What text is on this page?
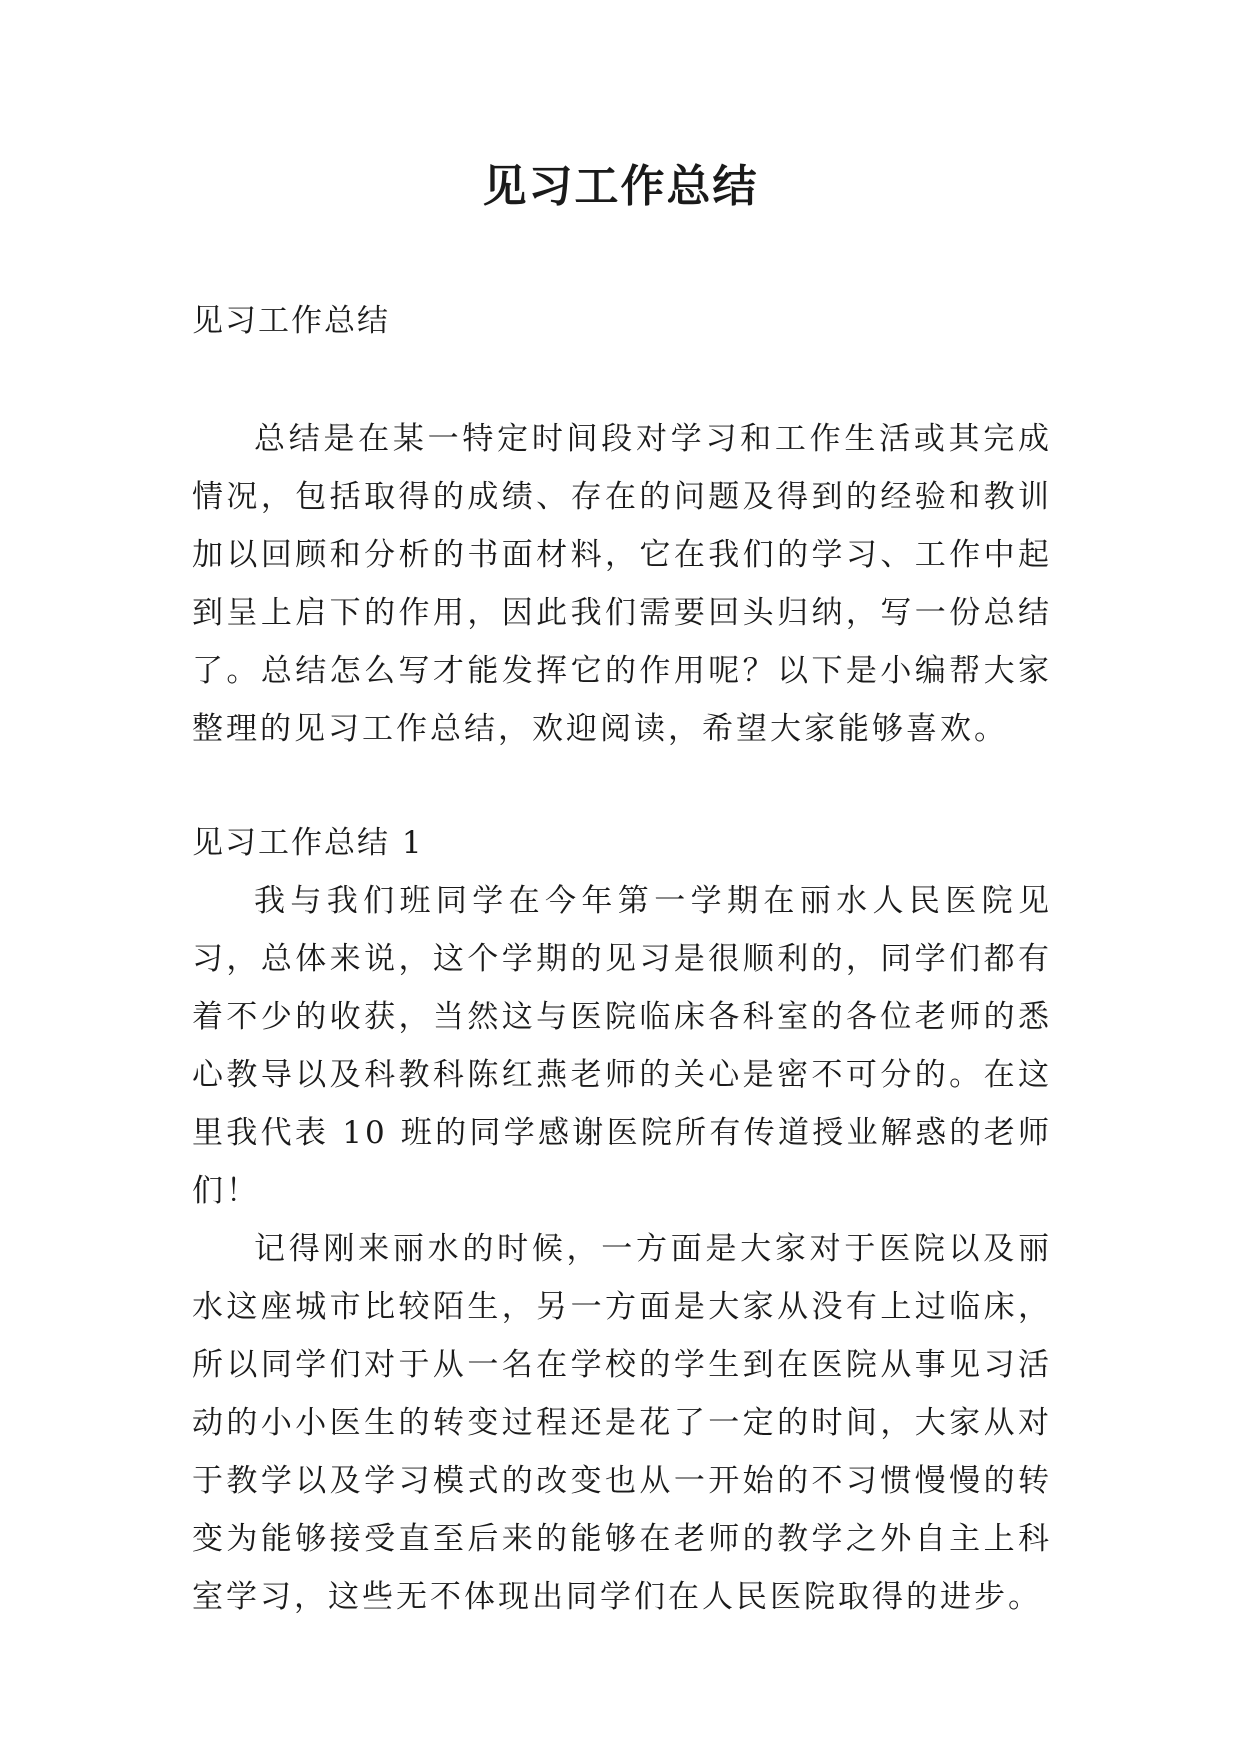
见习工作总结

见习工作总结

总结是在某一特定时间段对学习和工作生活或其完成情况，包括取得的成绩、存在的问题及得到的经验和教训加以回顾和分析的书面材料，它在我们的学习、工作中起到呈上启下的作用，因此我们需要回头归纳，写一份总结了。总结怎么写才能发挥它的作用呢？以下是小编帮大家整理的见习工作总结，欢迎阅读，希望大家能够喜欢。

见习工作总结 1

我与我们班同学在今年第一学期在丽水人民医院见习，总体来说，这个学期的见习是很顺利的，同学们都有着不少的收获，当然这与医院临床各科室的各位老师的悉心教导以及科教科陈红燕老师的关心是密不可分的。在这里我代表 10 班的同学感谢医院所有传道授业解惑的老师们！

记得刚来丽水的时候，一方面是大家对于医院以及丽水这座城市比较陌生，另一方面是大家从没有上过临床，所以同学们对于从一名在学校的学生到在医院从事见习活动的小小医生的转变过程还是花了一定的时间，大家从对于教学以及学习模式的改变也从一开始的不习惯慢慢的转变为能够接受直至后来的能够在老师的教学之外自主上科室学习，这些无不体现出同学们在人民医院取得的进步。
